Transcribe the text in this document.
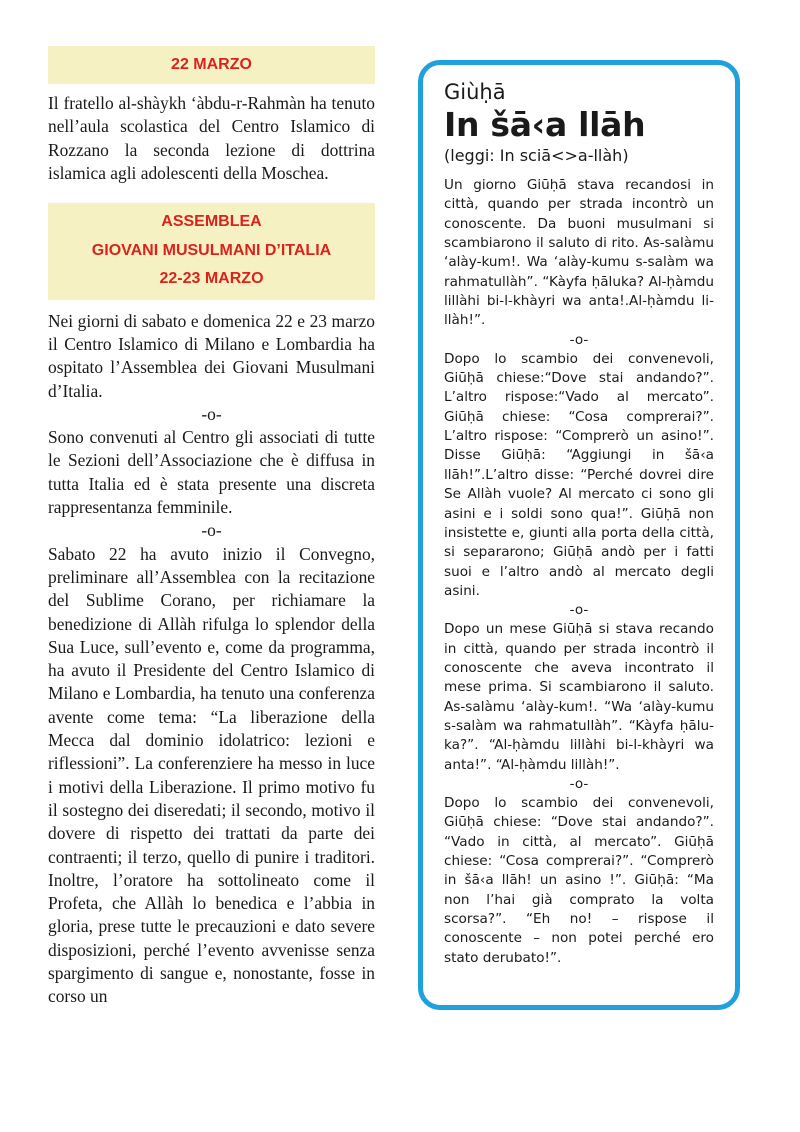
22 MARZO

Il fratello al-shàykh ‘àbdu-r-Rahmàn ha tenuto nell’aula scolastica del Centro Islamico di Rozzano la seconda lezione di dottrina islamica agli adolescenti della Moschea.

ASSEMBLEA
GIOVANI MUSULMANI D’ITALIA
22-23 MARZO

Nei giorni di sabato e domenica 22 e 23 marzo il Centro Islamico di Milano e Lombardia ha ospitato l’Assemblea dei Giovani Musulmani d’Italia.

-o-

Sono convenuti al Centro gli associati di tutte le Sezioni dell’Associazione che è diffusa in tutta Italia ed è stata presente una discreta rappresentanza femminile.

-o-

Sabato 22 ha avuto inizio il Convegno, preliminare all’Assemblea con la recitazione del Sublime Corano, per richiamare la benedizione di Allàh rifulga lo splendor della Sua Luce, sull’evento e, come da programma, ha avuto il Presidente del Centro Islamico di Milano e Lombardia, ha tenuto una conferenza avente come tema: “La liberazione della Mecca dal dominio idolatrico: lezioni e riflessioni”. La conferenziere ha messo in luce i motivi della Liberazione. Il primo motivo fu il sostegno dei diseredati; il secondo, motivo il dovere di rispetto dei trattati da parte dei contraenti; il terzo, quello di punire i traditori. Inoltre, l’oratore ha sottolineato come il Profeta, che Allàh lo benedica e l’abbia in gloria, prese tutte le precauzioni e dato severe disposizioni, perché l’evento avvenisse senza spargimento di sangue e, nonostante, fosse in corso un

Giùḥā

In šā‹a llāh

(leggi: In sciā<>a-llàh)

Un giorno Giūḥā stava recandosi in città, quando per strada incontrò un conoscente. Da buoni musulmani si scambiarono il saluto di rito. As-salàmu ‘alày-kum!. Wa ‘alày-kumu s-salàm wa rahmatullàh”. “Kàyfa ḥāluka? Al-ḥàmdu lillàhi bi-l-khàyri wa anta!.Al-ḥàmdu li-llàh!”.

-o-

Dopo lo scambio dei convenevoli, Giūḥā chiese:“Dove stai andando?”. L’altro rispose:“Vado al mercato”. Giūḥā chiese: “Cosa comprerai?”. L’altro rispose: “Comprerò un asino!”. Disse Giūḥā: “Aggiungi in šā‹a llāh!”.L’altro disse: “Perché dovrei dire Se Allàh vuole? Al mercato ci sono gli asini e i soldi sono qua!”. Giūḥā non insistette e, giunti alla porta della città, si separarono; Giūḥā andò per i fatti suoi e l’altro andò al mercato degli asini.

-o-

Dopo un mese Giūḥā si stava recando in città, quando per strada incontrò il conoscente che aveva incontrato il mese prima. Si scambiarono il saluto. As-salàmu ‘alày-kum!. “Wa ‘alày-kumu s-salàm wa rahmatullàh”. “Kàyfa ḥālu-ka?”. “Al-ḥàmdu lillàhi bi-l-khàyri wa anta!”. “Al-ḥàmdu lillàh!”.

-o-

Dopo lo scambio dei convenevoli, Giūḥā chiese: “Dove stai andando?”. “Vado in città, al mercato”. Giūḥā chiese: “Cosa comprerai?”. “Comprerò in šā‹a llāh! un asino !”. Giūḥā: “Ma non l’hai già comprato la volta scorsa?”. “Eh no! – rispose il conoscente – non potei perché ero stato derubato!”.
